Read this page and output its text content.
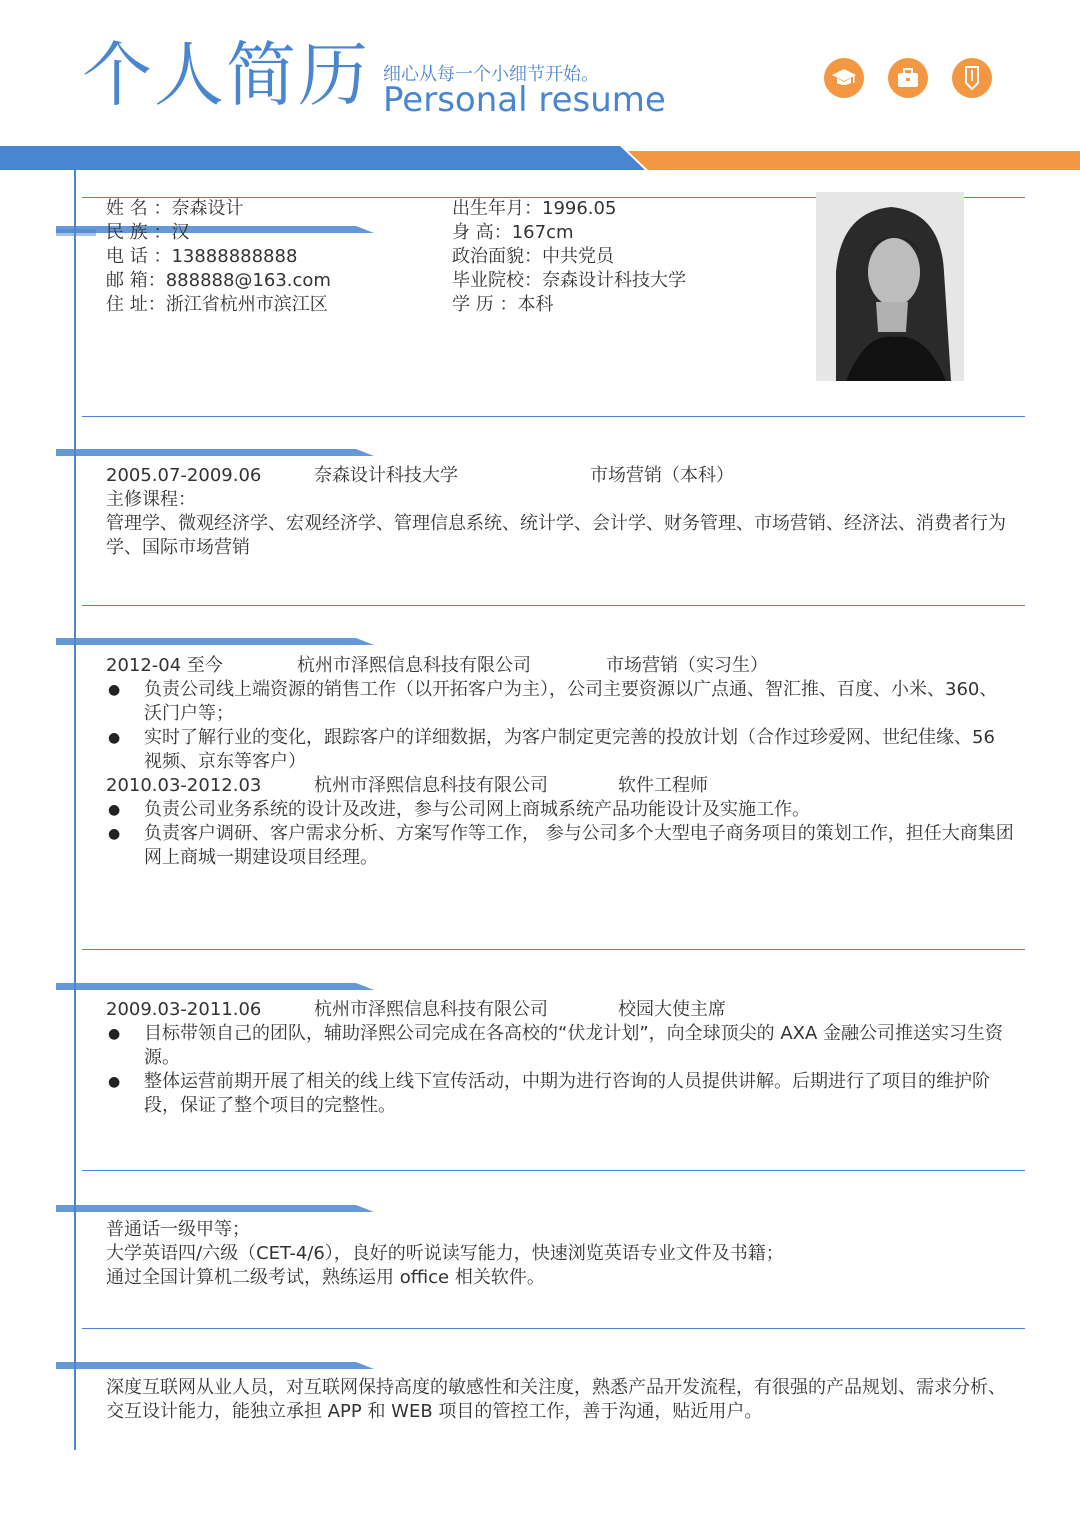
个人简历 细心从每一个小细节开始。
Personal resume
姓 名 ：奈森设计
民 族 ：汉
电 话 ：13888888888
邮 箱：888888@163.com
住 址：浙江省杭州市滨江区
出生年月：1996.05
身 高：167cm
政治面貌：中共党员
毕业院校：奈森设计科技大学
学 历 ：本科
2005.07-2009.06	奈森设计科技大学	市场营销（本科）
主修课程：
管理学、微观经济学、宏观经济学、管理信息系统、统计学、会计学、财务管理、市场营销、经济法、消费者行为学、国际市场营销
2012-04 至今	杭州市泽熙信息科技有限公司	市场营销（实习生）
● 负责公司线上端资源的销售工作（以开拓客户为主），公司主要资源以广点通、智汇推、百度、小米、360、沃门户等；
● 实时了解行业的变化，跟踪客户的详细数据，为客户制定更完善的投放计划（合作过珍爱网、世纪佳缘、56 视频、京东等客户）
2010.03-2012.03	杭州市泽熙信息科技有限公司	软件工程师
● 负责公司业务系统的设计及改进，参与公司网上商城系统产品功能设计及实施工作。
● 负责客户调研、客户需求分析、方案写作等工作， 参与公司多个大型电子商务项目的策划工作，担任大商集团网上商城一期建设项目经理。
2009.03-2011.06	杭州市泽熙信息科技有限公司	校园大使主席
● 目标带领自己的团队，辅助泽熙公司完成在各高校的“伏龙计划”，向全球顶尖的 AXA 金融公司推送实习生资源。
● 整体运营前期开展了相关的线上线下宣传活动，中期为进行咨询的人员提供讲解。后期进行了项目的维护阶段，保证了整个项目的完整性。
普通话一级甲等；
大学英语四/六级（CET-4/6），良好的听说读写能力，快速浏览英语专业文件及书籍；
通过全国计算机二级考试，熟练运用 office 相关软件。
深度互联网从业人员，对互联网保持高度的敏感性和关注度，熟悉产品开发流程，有很强的产品规划、需求分析、交互设计能力，能独立承担 APP 和 WEB 项目的管控工作，善于沟通，贴近用户。
